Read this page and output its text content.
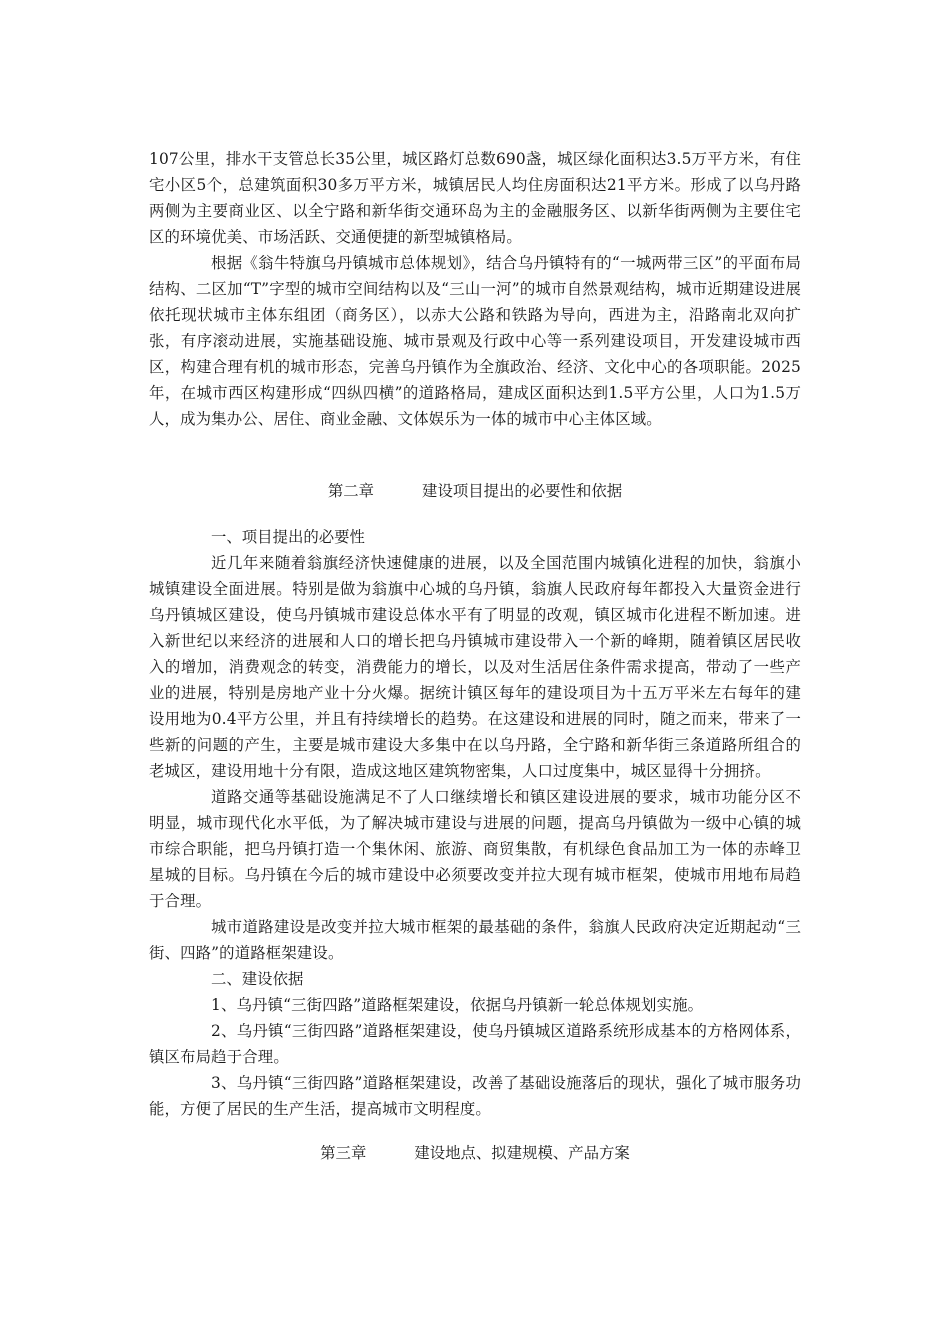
107公里，排水干支管总长35公里，城区路灯总数690盏，城区绿化面积达3.5万平方米，有住宅小区5个，总建筑面积30多万平方米，城镇居民人均住房面积达21平方米。形成了以乌丹路两侧为主要商业区、以全宁路和新华街交通环岛为主的金融服务区、以新华街两侧为主要住宅区的环境优美、市场活跃、交通便捷的新型城镇格局。

根据《翁牛特旗乌丹镇城市总体规划》，结合乌丹镇特有的“一城两带三区”的平面布局结构、二区加“T”字型的城市空间结构以及“三山一河”的城市自然景观结构，城市近期建设进展依托现状城市主体东组团（商务区），以赤大公路和铁路为导向，西进为主，沿路南北双向扩张，有序滚动进展，实施基础设施、城市景观及行政中心等一系列建设项目，开发建设城市西区，构建合理有机的城市形态，完善乌丹镇作为全旗政治、经济、文化中心的各项职能。2025年，在城市西区构建形成“四纵四横”的道路格局，建成区面积达到1.5平方公里，人口为1.5万人，成为集办公、居住、商业金融、文体娱乐为一体的城市中心主体区域。

第二章	建设项目提出的必要性和依据

一、项目提出的必要性

近几年来随着翁旗经济快速健康的进展，以及全国范围内城镇化进程的加快，翁旗小城镇建设全面进展。特别是做为翁旗中心城的乌丹镇，翁旗人民政府每年都投入大量资金进行乌丹镇城区建设，使乌丹镇城市建设总体水平有了明显的改观，镇区城市化进程不断加速。进入新世纪以来经济的进展和人口的增长把乌丹镇城市建设带入一个新的峰期，随着镇区居民收入的增加，消费观念的转变，消费能力的增长，以及对生活居住条件需求提高，带动了一些产业的进展，特别是房地产业十分火爆。据统计镇区每年的建设项目为十五万平米左右每年的建设用地为0.4平方公里，并且有持续增长的趋势。在这建设和进展的同时，随之而来，带来了一些新的问题的产生，主要是城市建设大多集中在以乌丹路，全宁路和新华街三条道路所组合的老城区，建设用地十分有限，造成这地区建筑物密集，人口过度集中，城区显得十分拥挤。

道路交通等基础设施满足不了人口继续增长和镇区建设进展的要求，城市功能分区不明显，城市现代化水平低，为了解决城市建设与进展的问题，提高乌丹镇做为一级中心镇的城市综合职能，把乌丹镇打造一个集休闲、旅游、商贸集散，有机绿色食品加工为一体的赤峰卫星城的目标。乌丹镇在今后的城市建设中必须要改变并拉大现有城市框架，使城市用地布局趋于合理。

城市道路建设是改变并拉大城市框架的最基础的条件，翁旗人民政府决定近期起动“三街、四路”的道路框架建设。

二、建设依据

1、乌丹镇“三街四路”道路框架建设，依据乌丹镇新一轮总体规划实施。

2、乌丹镇“三街四路”道路框架建设，使乌丹镇城区道路系统形成基本的方格网体系，镇区布局趋于合理。

3、乌丹镇“三街四路”道路框架建设，改善了基础设施落后的现状，强化了城市服务功能，方便了居民的生产生活，提高城市文明程度。

第三章	建设地点、拟建规模、产品方案
